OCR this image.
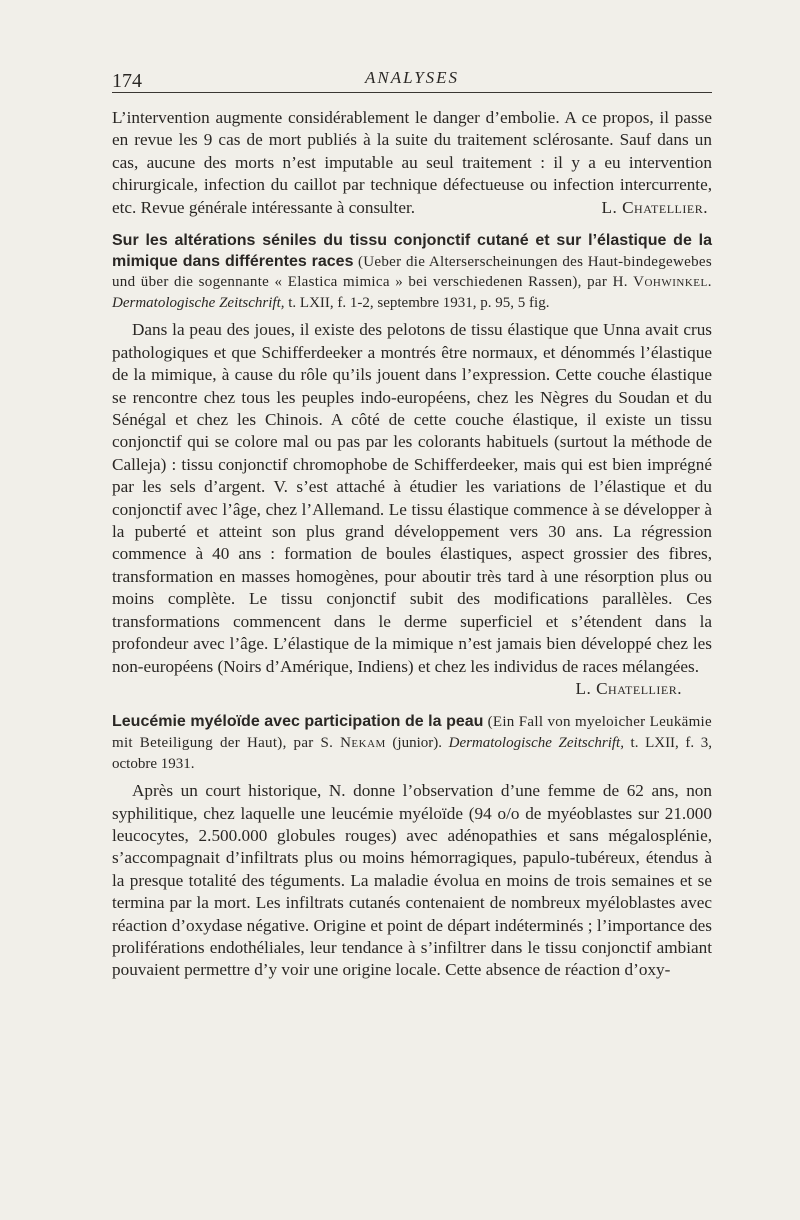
174	ANALYSES

L’intervention augmente considérablement le danger d’embolie. A ce propos, il passe en revue les 9 cas de mort publiés à la suite du traitement sclérosante. Sauf dans un cas, aucune des morts n’est imputable au seul traitement : il y a eu intervention chirurgicale, infection du caillot par technique défectueuse ou infection intercurrente, etc. Revue générale intéressante à consulter.	L. Chatellier.

Sur les altérations séniles du tissu conjonctif cutané et sur l’élastique de la mimique dans différentes races (Ueber die Alterserscheinungen des Haut-bindegewebes und über die sogennante « Elastica mimica » bei verschiedenen Rassen), par H. Vohwinkel. Dermatologische Zeitschrift, t. LXII, f. 1-2, septembre 1931, p. 95, 5 fig.

Dans la peau des joues, il existe des pelotons de tissu élastique que Unna avait crus pathologiques et que Schifferdeeker a montrés être normaux, et dénommés l’élastique de la mimique, à cause du rôle qu’ils jouent dans l’expression. Cette couche élastique se rencontre chez tous les peuples indo-européens, chez les Nègres du Soudan et du Sénégal et chez les Chinois. A côté de cette couche élastique, il existe un tissu conjonctif qui se colore mal ou pas par les colorants habituels (surtout la méthode de Calleja) : tissu conjonctif chromophobe de Schifferdeeker, mais qui est bien imprégné par les sels d’argent. V. s’est attaché à étudier les variations de l’élastique et du conjonctif avec l’âge, chez l’Allemand. Le tissu élastique commence à se développer à la puberté et atteint son plus grand développement vers 30 ans. La régression commence à 40 ans : formation de boules élastiques, aspect grossier des fibres, transformation en masses homogènes, pour aboutir très tard à une résorption plus ou moins complète. Le tissu conjonctif subit des modifications parallèles. Ces transformations commencent dans le derme superficiel et s’étendent dans la profondeur avec l’âge. L’élastique de la mimique n’est jamais bien développé chez les non-européens (Noirs d’Amérique, Indiens) et chez les individus de races mélangées.

L. Chatellier.

Leucémie myéloïde avec participation de la peau (Ein Fall von myeloicher Leukämie mit Beteiligung der Haut), par S. Nekam (junior). Dermatologische Zeitschrift, t. LXII, f. 3, octobre 1931.

Après un court historique, N. donne l’observation d’une femme de 62 ans, non syphilitique, chez laquelle une leucémie myéloïde (94 o/o de myéoblastes sur 21.000 leucocytes, 2.500.000 globules rouges) avec adénopathies et sans mégalosplénie, s’accompagnait d’infiltrats plus ou moins hémorragiques, papulo-tubéreux, étendus à la presque totalité des téguments. La maladie évolua en moins de trois semaines et se termina par la mort. Les infiltrats cutanés contenaient de nombreux myéloblastes avec réaction d’oxydase négative. Origine et point de départ indéterminés ; l’importance des proliférations endothéliales, leur tendance à s’infiltrer dans le tissu conjonctif ambiant pouvaient permettre d’y voir une origine locale. Cette absence de réaction d’oxy-
